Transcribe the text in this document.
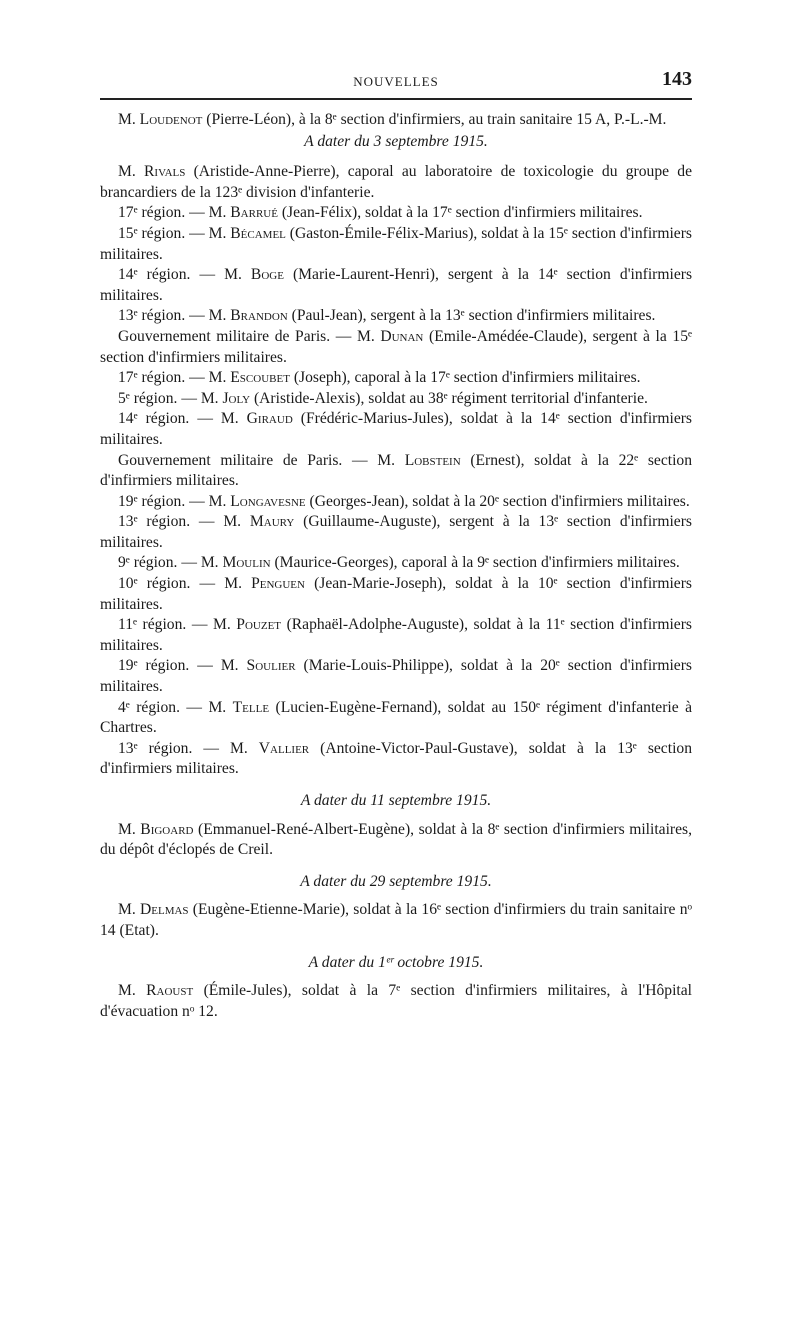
NOUVELLES	143

M. Loudenot (Pierre-Léon), à la 8ᵉ section d'infirmiers, au train sanitaire 15 A, P.-L.-M.

A dater du 3 septembre 1915.

M. Rivals (Aristide-Anne-Pierre), caporal au laboratoire de toxicologie du groupe de brancardiers de la 123ᵉ division d'infanterie.

17ᵉ région. — M. Barrué (Jean-Félix), soldat à la 17ᵉ section d'infirmiers militaires.

15ᵉ région. — M. Bécamel (Gaston-Émile-Félix-Marius), soldat à la 15ᵉ section d'infirmiers militaires.

14ᵉ région. — M. Boge (Marie-Laurent-Henri), sergent à la 14ᵉ section d'infirmiers militaires.

13ᵉ région. — M. Brandon (Paul-Jean), sergent à la 13ᵉ section d'infirmiers militaires.

Gouvernement militaire de Paris. — M. Dunan (Emile-Amédée-Claude), sergent à la 15ᵉ section d'infirmiers militaires.

17ᵉ région. — M. Escoubet (Joseph), caporal à la 17ᵉ section d'infirmiers militaires.

5ᵉ région. — M. Joly (Aristide-Alexis), soldat au 38ᵉ régiment territorial d'infanterie.

14ᵉ région. — M. Giraud (Frédéric-Marius-Jules), soldat à la 14ᵉ section d'infirmiers militaires.

Gouvernement militaire de Paris. — M. Lobstein (Ernest), soldat à la 22ᵉ section d'infirmiers militaires.

19ᵉ région. — M. Longavesne (Georges-Jean), soldat à la 20ᵉ section d'infirmiers militaires.

13ᵉ région. — M. Maury (Guillaume-Auguste), sergent à la 13ᵉ section d'infirmiers militaires.

9ᵉ région. — M. Moulin (Maurice-Georges), caporal à la 9ᵉ section d'infirmiers militaires.

10ᵉ région. — M. Penguen (Jean-Marie-Joseph), soldat à la 10ᵉ section d'infirmiers militaires.

11ᵉ région. — M. Pouzet (Raphaël-Adolphe-Auguste), soldat à la 11ᵉ section d'infirmiers militaires.

19ᵉ région. — M. Soulier (Marie-Louis-Philippe), soldat à la 20ᵉ section d'infirmiers militaires.

4ᵉ région. — M. Telle (Lucien-Eugène-Fernand), soldat au 150ᵉ régiment d'infanterie à Chartres.

13ᵉ région. — M. Vallier (Antoine-Victor-Paul-Gustave), soldat à la 13ᵉ section d'infirmiers militaires.

A dater du 11 septembre 1915.

M. Bigoard (Emmanuel-René-Albert-Eugène), soldat à la 8ᵉ section d'infirmiers militaires, du dépôt d'éclopés de Creil.

A dater du 29 septembre 1915.

M. Delmas (Eugène-Etienne-Marie), soldat à la 16ᵉ section d'infirmiers du train sanitaire nᵒ 14 (Etat).

A dater du 1ᵉʳ octobre 1915.

M. Raoust (Émile-Jules), soldat à la 7ᵉ section d'infirmiers militaires, à l'Hôpital d'évacuation nᵒ 12.
